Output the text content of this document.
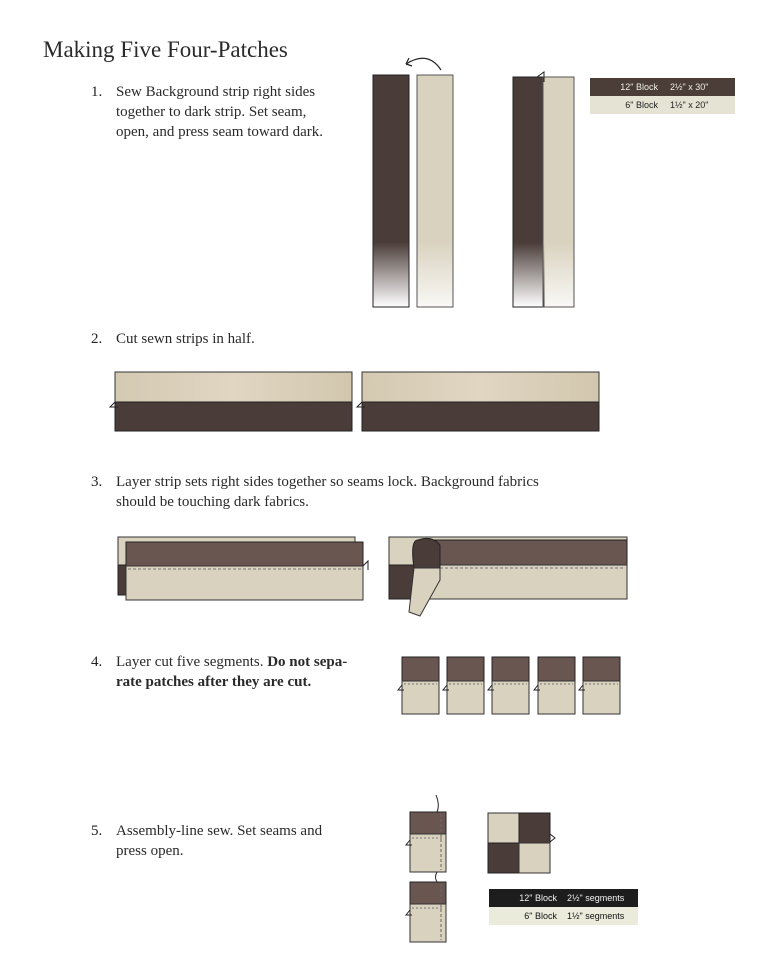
Making Five Four-Patches
1. Sew Background strip right sides
together to dark strip. Set seam,
open, and press seam toward dark.
2. Cut sewn strips in half.
3. Layer strip sets right sides together so seams lock. Background fabrics
should be touching dark fabrics.
4. Layer cut five segments. Do not sepa-
rate patches after they are cut.
5. Assembly-line sew. Set seams and
press open.
12" Block	2½" x 30"
6" Block	1½" x 20"
12" Block	2½" segments
6" Block	1½" segments
